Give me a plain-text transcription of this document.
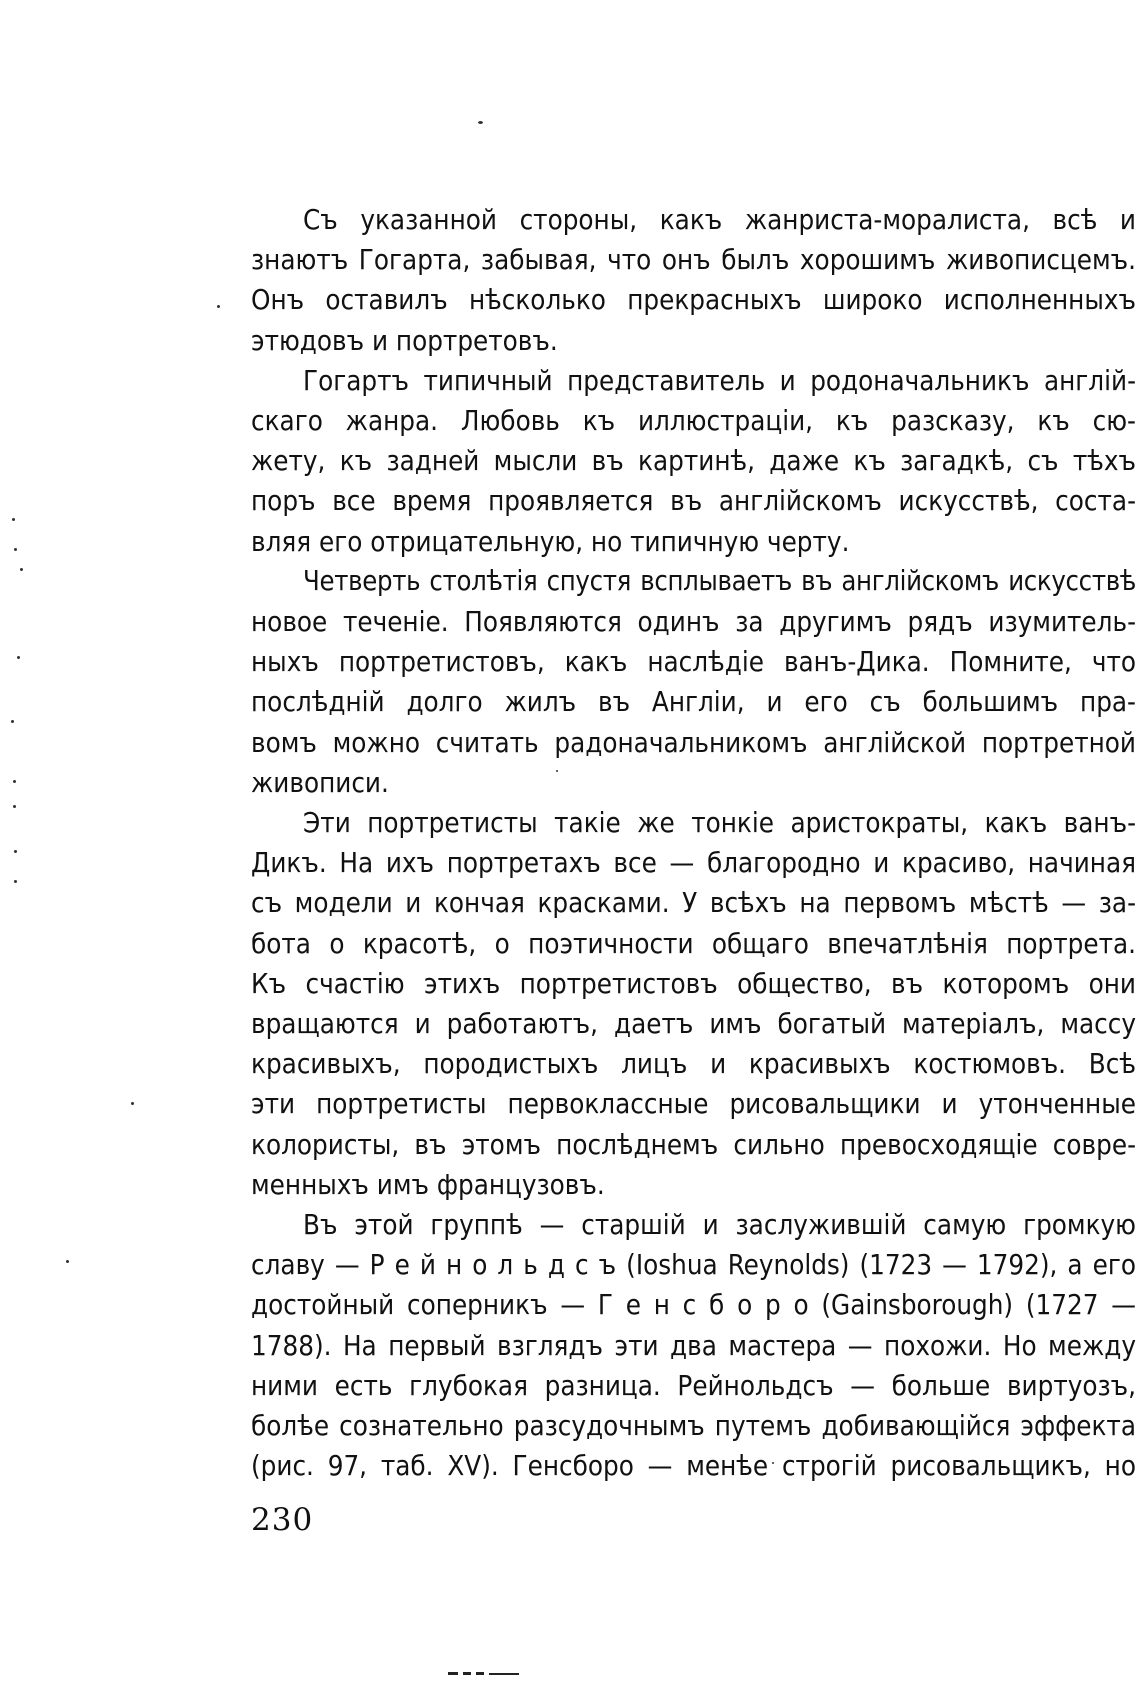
Съ указанной стороны, какъ жанриста-моралиста, всѣ и
знаютъ Гогарта, забывая, что онъ былъ хорошимъ живописцемъ.
Онъ оставилъ нѣсколько прекрасныхъ широко исполненныхъ
этюдовъ и портретовъ.
Гогартъ типичный представитель и родоначальникъ англій-
скаго жанра. Любовь къ иллюстраціи, къ разсказу, къ сю-
жету, къ задней мысли въ картинѣ, даже къ загадкѣ, съ тѣхъ
поръ все время проявляется въ англійскомъ искусствѣ, соста-
вляя его отрицательную, но типичную черту.
Четверть столѣтія спустя всплываетъ въ англійскомъ искусствѣ
новое теченіе. Появляются одинъ за другимъ рядъ изумитель-
ныхъ портретистовъ, какъ наслѣдіе ванъ-Дика. Помните, что
послѣдній долго жилъ въ Англіи, и его съ большимъ пра-
вомъ можно считать радоначальникомъ англійской портретной
живописи.
Эти портретисты такіе же тонкіе аристократы, какъ ванъ-
Дикъ. На ихъ портретахъ все — благородно и красиво, начиная
съ модели и кончая красками. У всѣхъ на первомъ мѣстѣ — за-
бота о красотѣ, о поэтичности общаго впечатлѣнія портрета.
Къ счастію этихъ портретистовъ общество, въ которомъ они
вращаются и работаютъ, даетъ имъ богатый матеріалъ, массу
красивыхъ, породистыхъ лицъ и красивыхъ костюмовъ. Всѣ
эти портретисты первоклассные рисовальщики и утонченные
колористы, въ этомъ послѣднемъ сильно превосходящіе совре-
менныхъ имъ французовъ.
Въ этой группѣ — старшій и заслужившій самую громкую
славу — Р е й н о л ь д с ъ (Ioshua Reynolds) (1723 — 1792), а его
достойный соперникъ — Г е н с б о р о (Gainsborough) (1727 —
1788). На первый взглядъ эти два мастера — похожи. Но между
ними есть глубокая разница. Рейнольдсъ — больше виртуозъ,
болѣе сознательно разсудочнымъ путемъ добивающійся эффекта
(рис. 97, таб. XV). Генсборо — менѣе строгій рисовальщикъ, но
230
